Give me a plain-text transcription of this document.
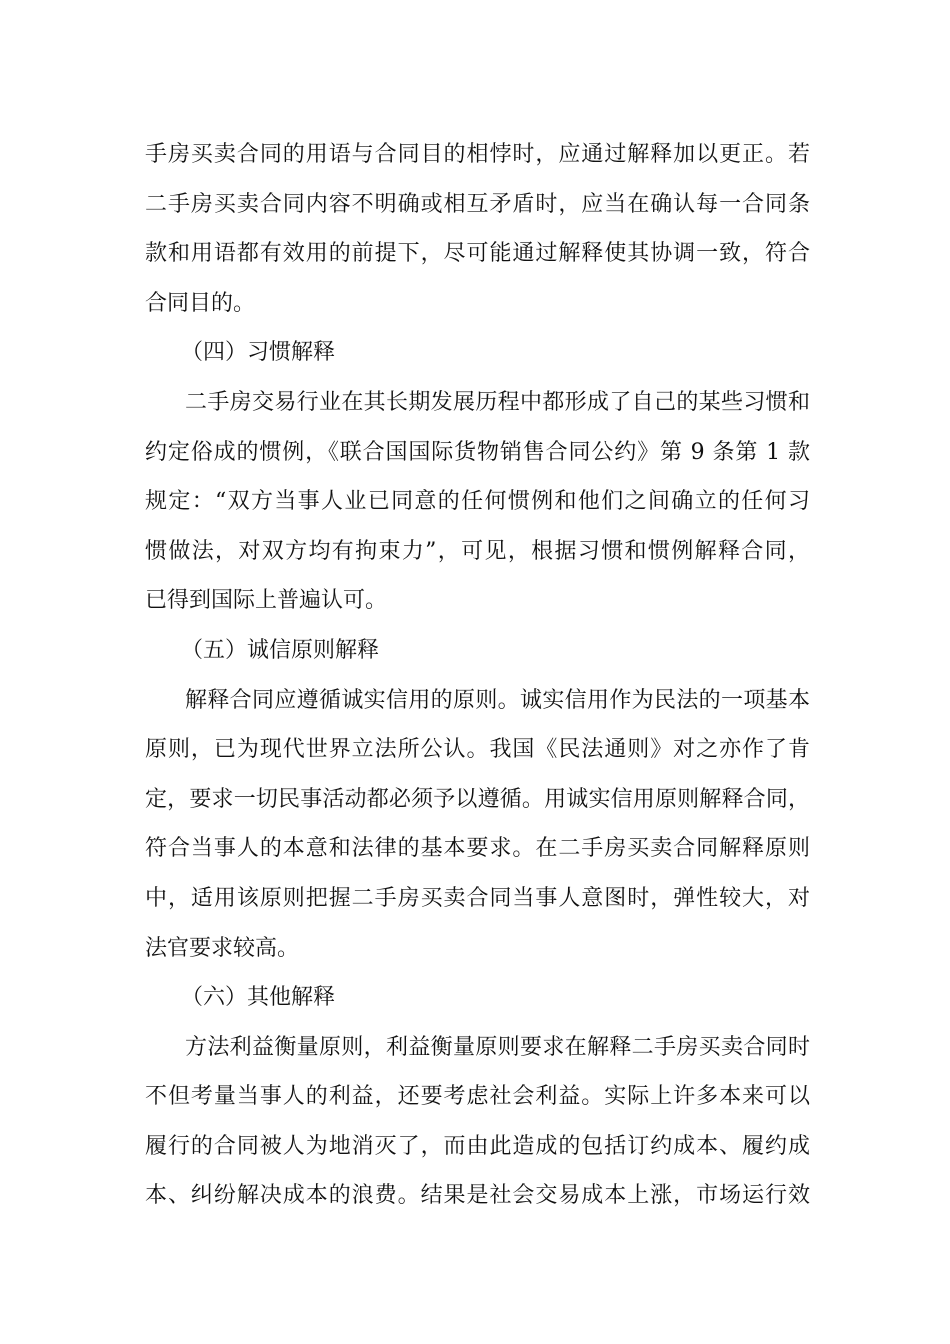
手房买卖合同的用语与合同目的相悖时，应通过解释加以更正。若
二手房买卖合同内容不明确或相互矛盾时，应当在确认每一合同条
款和用语都有效用的前提下，尽可能通过解释使其协调一致，符合
合同目的。
（四）习惯解释
二手房交易行业在其长期发展历程中都形成了自己的某些习惯和
约定俗成的惯例，《联合国国际货物销售合同公约》第 9 条第 1 款
规定：“双方当事人业已同意的任何惯例和他们之间确立的任何习
惯做法，对双方均有拘束力”，可见，根据习惯和惯例解释合同，
已得到国际上普遍认可。
（五）诚信原则解释
解释合同应遵循诚实信用的原则。诚实信用作为民法的一项基本
原则，已为现代世界立法所公认。我国《民法通则》对之亦作了肯
定，要求一切民事活动都必须予以遵循。用诚实信用原则解释合同，
符合当事人的本意和法律的基本要求。在二手房买卖合同解释原则
中，适用该原则把握二手房买卖合同当事人意图时，弹性较大，对
法官要求较高。
（六）其他解释
方法利益衡量原则，利益衡量原则要求在解释二手房买卖合同时
不但考量当事人的利益，还要考虑社会利益。实际上许多本来可以
履行的合同被人为地消灭了，而由此造成的包括订约成本、履约成
本、纠纷解决成本的浪费。结果是社会交易成本上涨，市场运行效
